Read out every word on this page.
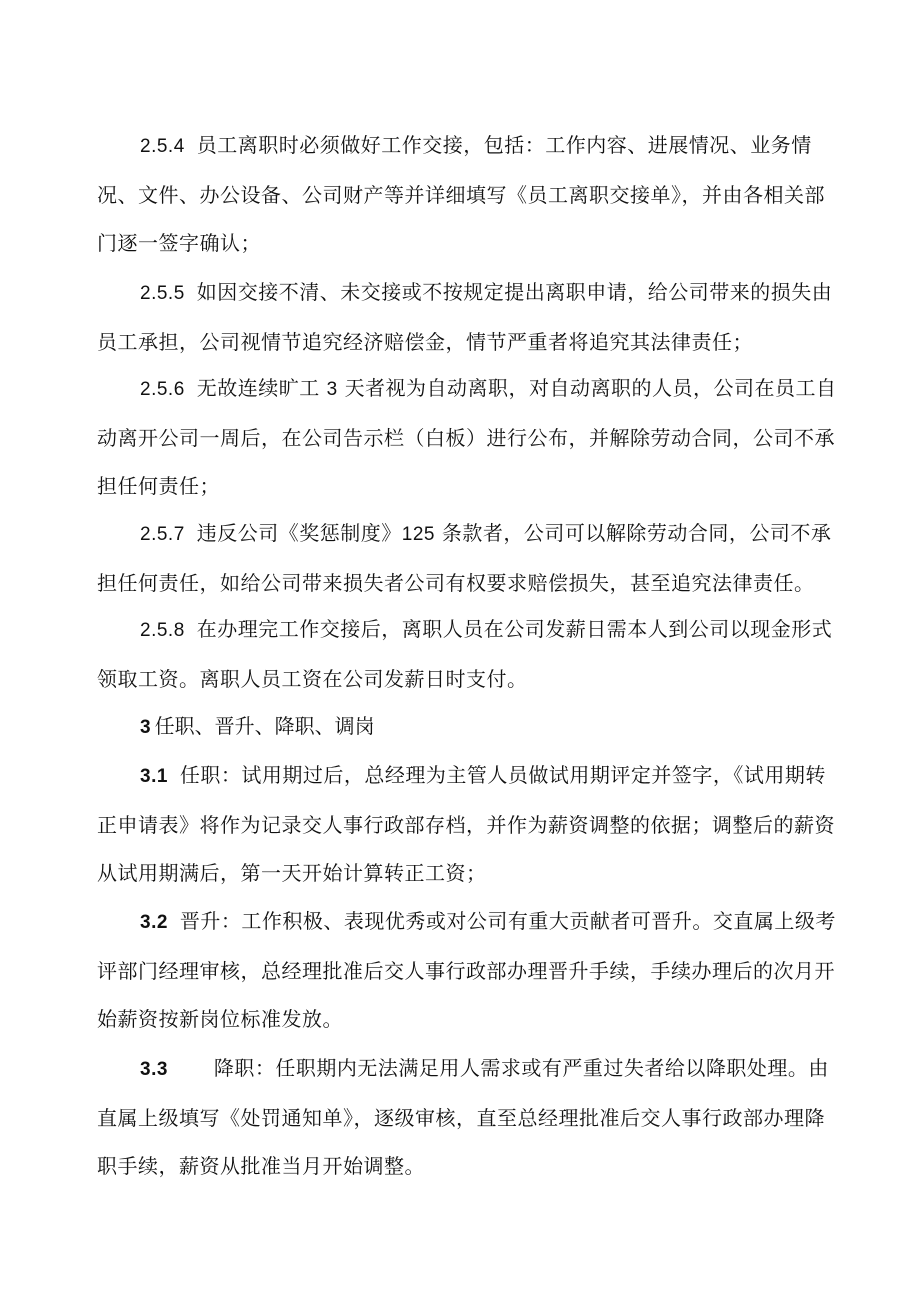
2.5.4 员工离职时必须做好工作交接，包括：工作内容、进展情况、业务情况、文件、办公设备、公司财产等并详细填写《员工离职交接单》，并由各相关部门逐一签字确认；

2.5.5 如因交接不清、未交接或不按规定提出离职申请，给公司带来的损失由员工承担，公司视情节追究经济赔偿金，情节严重者将追究其法律责任；

2.5.6 无故连续旷工 3 天者视为自动离职，对自动离职的人员，公司在员工自动离开公司一周后，在公司告示栏（白板）进行公布，并解除劳动合同，公司不承担任何责任；

2.5.7 违反公司《奖惩制度》125 条款者，公司可以解除劳动合同，公司不承担任何责任，如给公司带来损失者公司有权要求赔偿损失，甚至追究法律责任。

2.5.8 在办理完工作交接后，离职人员在公司发薪日需本人到公司以现金形式领取工资。离职人员工资在公司发薪日时支付。

3 任职、晋升、降职、调岗

3.1 任职：试用期过后，总经理为主管人员做试用期评定并签字，《试用期转正申请表》将作为记录交人事行政部存档，并作为薪资调整的依据；调整后的薪资从试用期满后，第一天开始计算转正工资；

3.2 晋升：工作积极、表现优秀或对公司有重大贡献者可晋升。交直属上级考评部门经理审核，总经理批准后交人事行政部办理晋升手续，手续办理后的次月开始薪资按新岗位标准发放。

3.3 降职：任职期内无法满足用人需求或有严重过失者给以降职处理。由直属上级填写《处罚通知单》，逐级审核，直至总经理批准后交人事行政部办理降职手续，薪资从批准当月开始调整。
